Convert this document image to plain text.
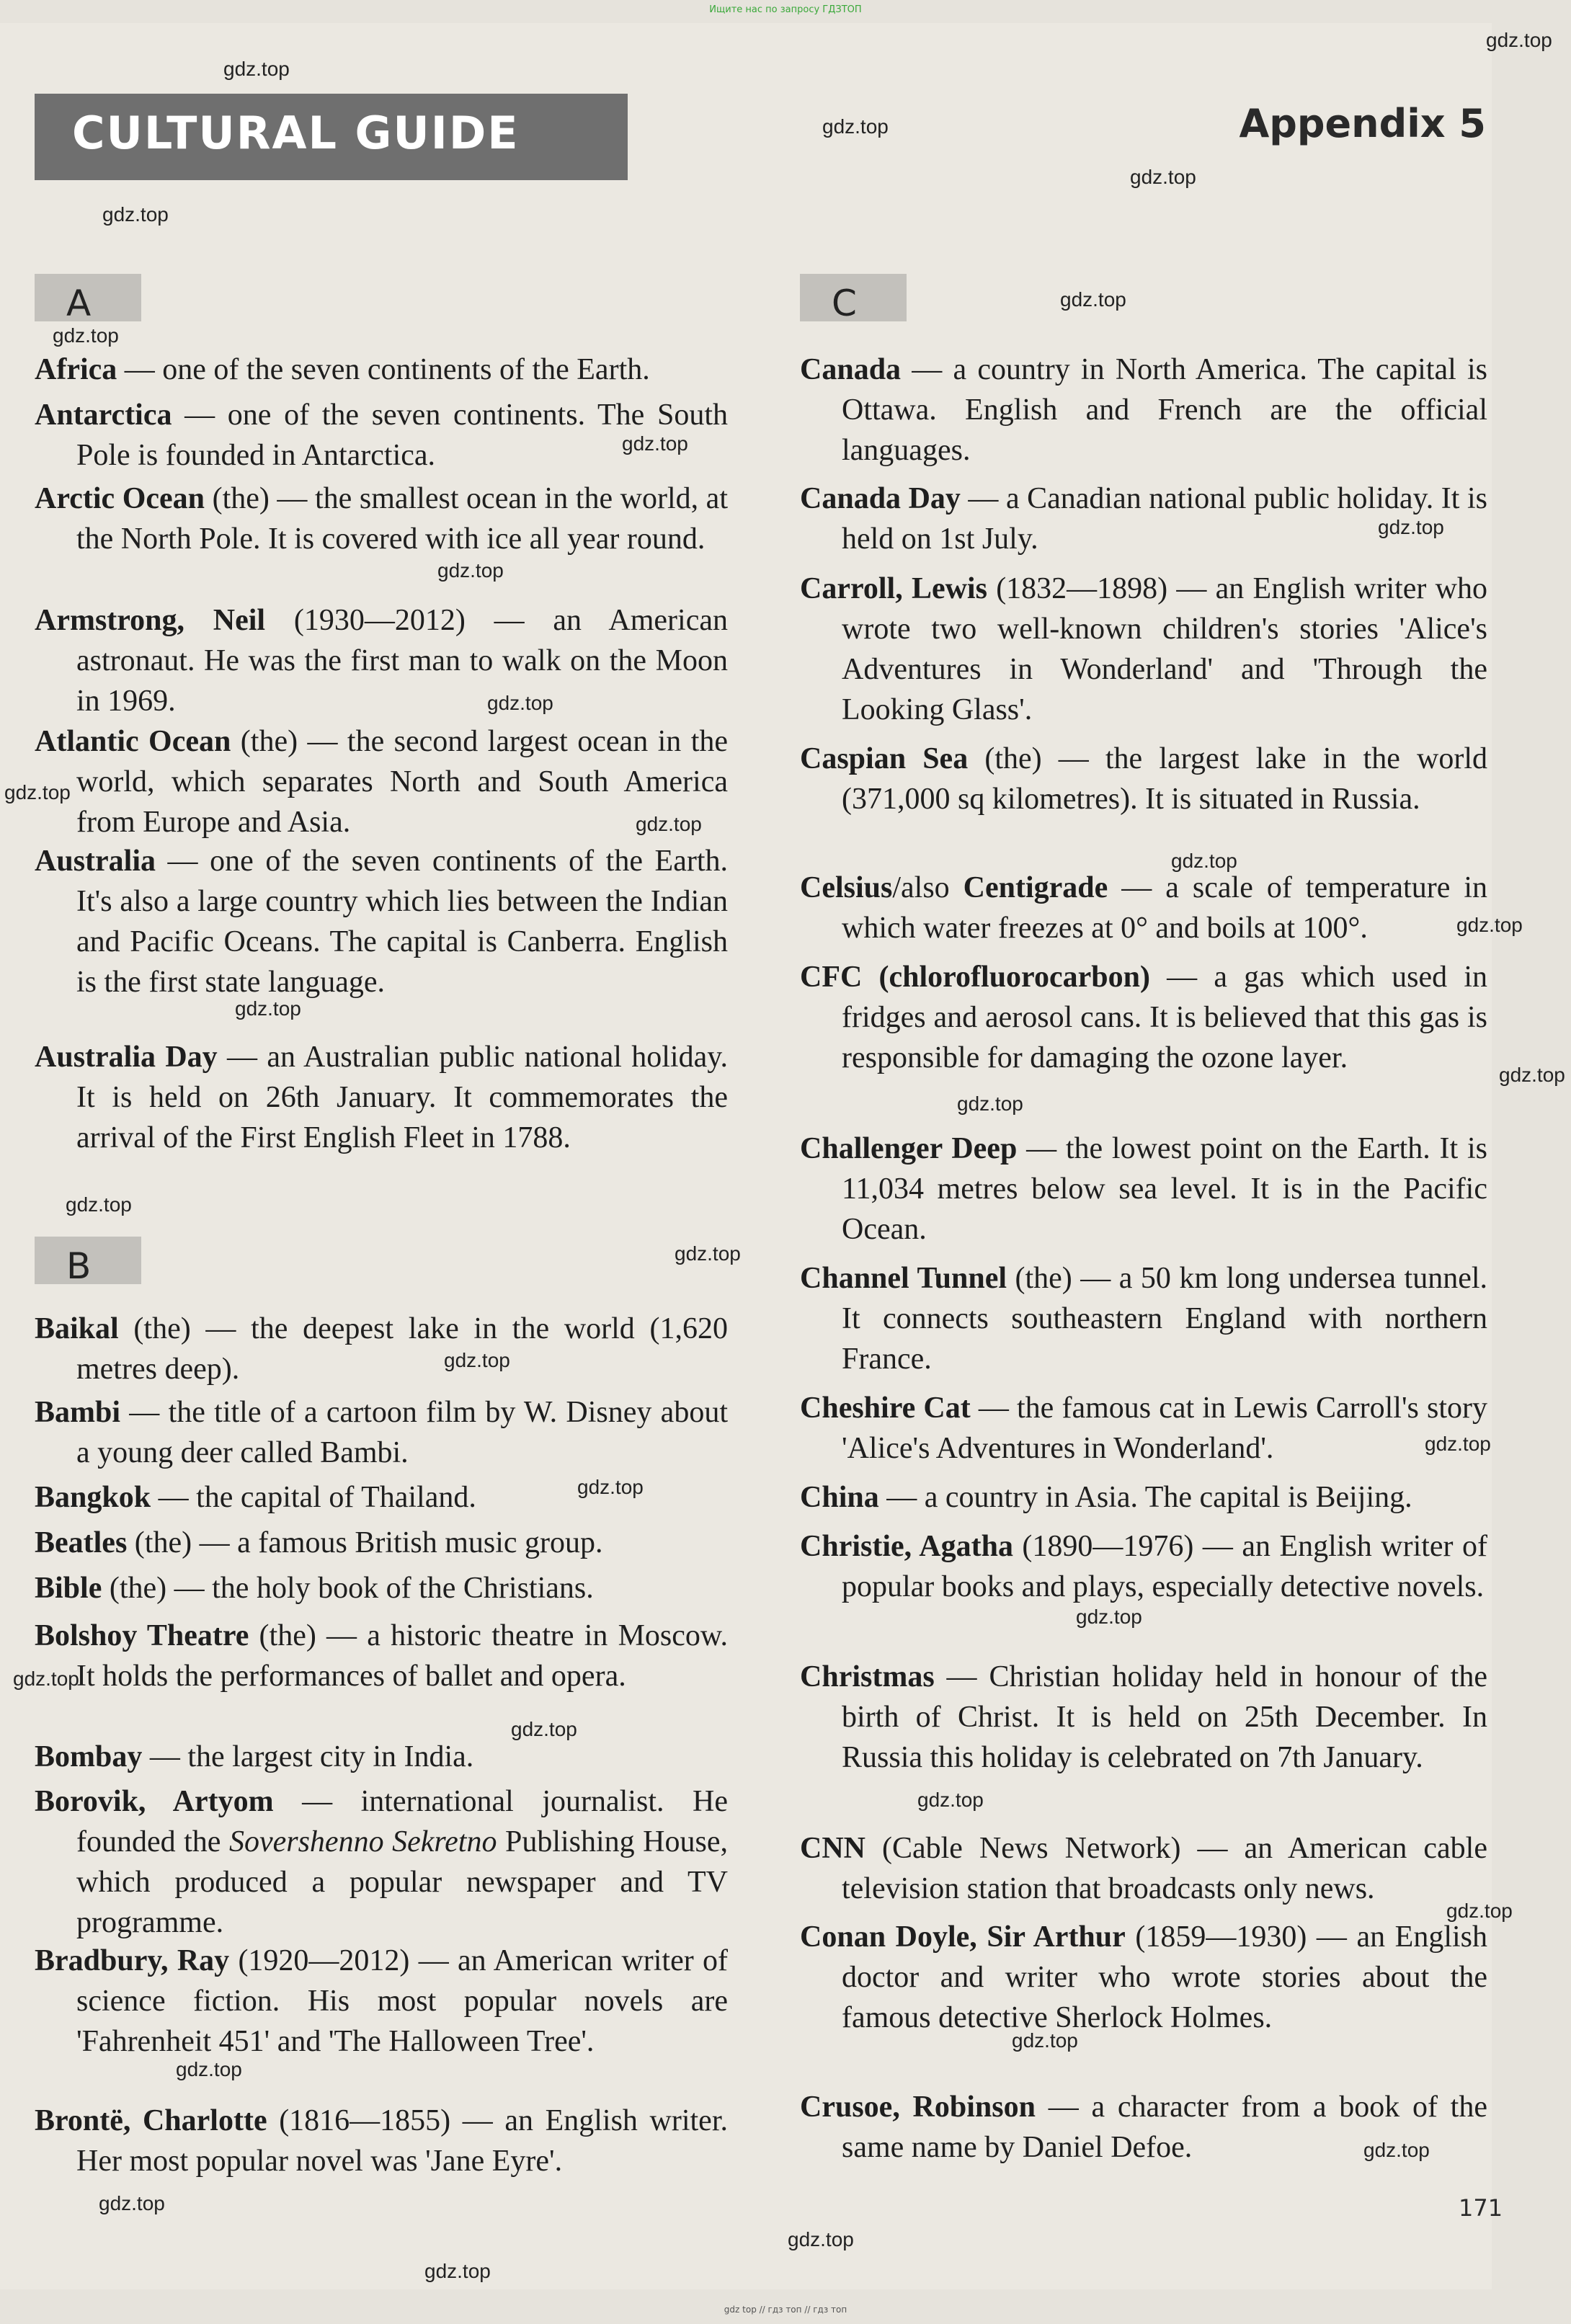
Ищите нас по запросу ГДЗТОП
CULTURAL GUIDE	Appendix 5
A

Africa — one of the seven continents of the Earth.

Antarctica — one of the seven continents. The South Pole is founded in Antarctica.

Arctic Ocean (the) — the smallest ocean in the world, at the North Pole. It is covered with ice all year round.

Armstrong, Neil (1930—2012) — an American astronaut. He was the first man to walk on the Moon in 1969.

Atlantic Ocean (the) — the second largest ocean in the world, which separates North and South America from Europe and Asia.

Australia — one of the seven continents of the Earth. It's also a large country which lies between the Indian and Pacific Oceans. The capital is Canberra. English is the first state language.

Australia Day — an Australian public national holiday. It is held on 26th January. It commemorates the arrival of the First English Fleet in 1788.

B

Baikal (the) — the deepest lake in the world (1,620 metres deep).

Bambi — the title of a cartoon film by W. Disney about a young deer called Bambi.

Bangkok — the capital of Thailand.

Beatles (the) — a famous British music group.

Bible (the) — the holy book of the Christians.

Bolshoy Theatre (the) — a historic theatre in Moscow. It holds the performances of ballet and opera.

Bombay — the largest city in India.

Borovik, Artyom — international journalist. He founded the Sovershenno Sekretno Publishing House, which produced a popular newspaper and TV programme.

Bradbury, Ray (1920—2012) — an American writer of science fiction. His most popular novels are 'Fahrenheit 451' and 'The Halloween Tree'.

Brontë, Charlotte (1816—1855) — an English writer. Her most popular novel was 'Jane Eyre'.

C

Canada — a country in North America. The capital is Ottawa. English and French are the official languages.

Canada Day — a Canadian national public holiday. It is held on 1st July.

Carroll, Lewis (1832—1898) — an English writer who wrote two well-known children's stories 'Alice's Adventures in Wonderland' and 'Through the Looking Glass'.

Caspian Sea (the) — the largest lake in the world (371,000 sq kilometres). It is situated in Russia.

Celsius/also Centigrade — a scale of temperature in which water freezes at 0° and boils at 100°.

CFC (chlorofluorocarbon) — a gas which used in fridges and aerosol cans. It is believed that this gas is responsible for damaging the ozone layer.

Challenger Deep — the lowest point on the Earth. It is 11,034 metres below sea level. It is in the Pacific Ocean.

Channel Tunnel (the) — a 50 km long undersea tunnel. It connects southeastern England with northern France.

Cheshire Cat — the famous cat in Lewis Carroll's story 'Alice's Adventures in Wonderland'.

China — a country in Asia. The capital is Beijing.

Christie, Agatha (1890—1976) — an English writer of popular books and plays, especially detective novels.

Christmas — Christian holiday held in honour of the birth of Christ. It is held on 25th December. In Russia this holiday is celebrated on 7th January.

CNN (Cable News Network) — an American cable television station that broadcasts only news.

Conan Doyle, Sir Arthur (1859—1930) — an English doctor and writer who wrote stories about the famous detective Sherlock Holmes.

Crusoe, Robinson — a character from a book of the same name by Daniel Defoe.

171
gdz.top
gdz.top
gdz.top
gdz.top
gdz.top
gdz.top
gdz.top
gdz.top
gdz.top
gdz.top
gdz.top
gdz.top
gdz.top
gdz.top
gdz.top
gdz.top
gdz.top
gdz.top
gdz.top
gdz.top
gdz.top
gdz.top
gdz.top
gdz.top
gdz.top
gdz.top
gdz.top
gdz.top
gdz.top
gdz.top
gdz.top
gdz.top
gdz.top
gdz.top
gdz top // гдз топ // гдз топ
